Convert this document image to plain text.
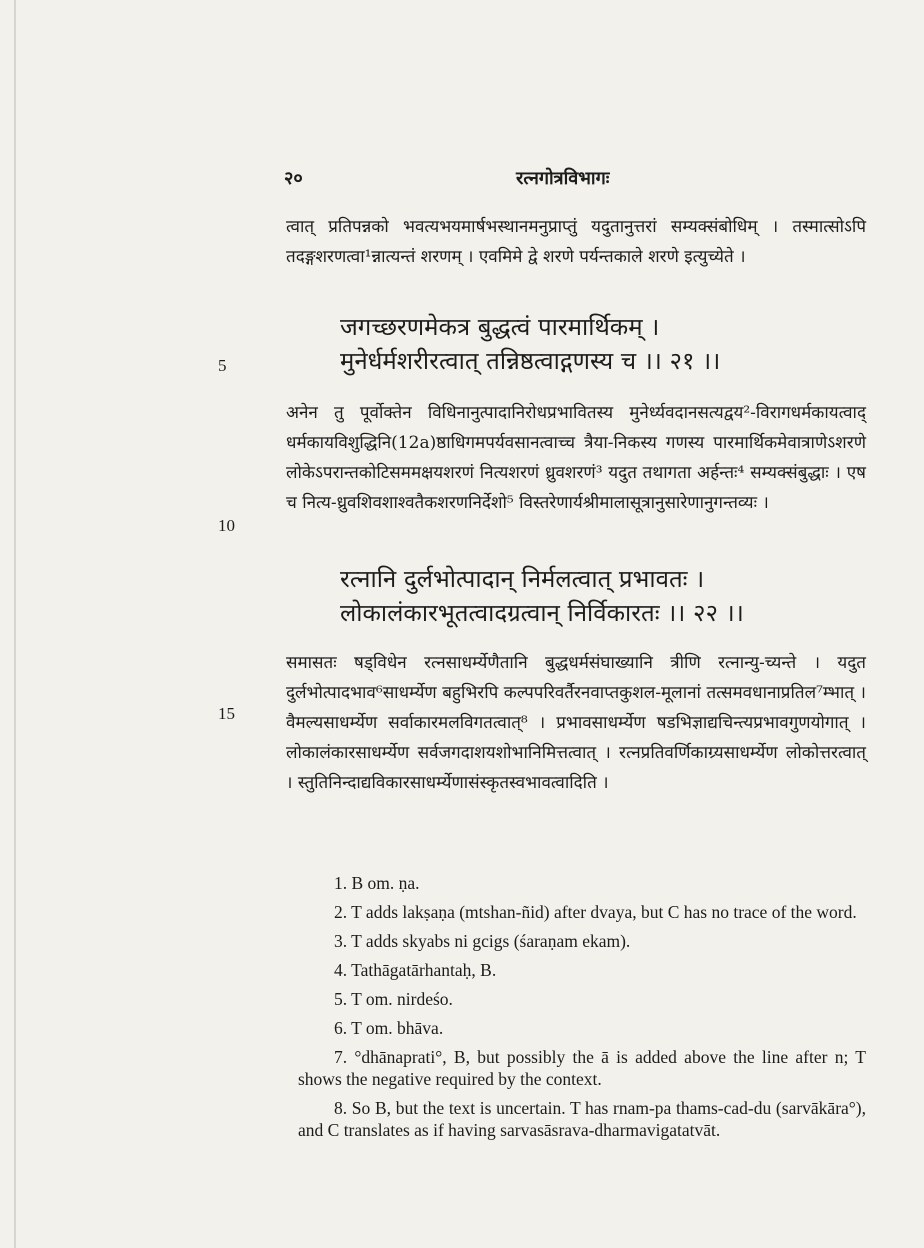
२०	रत्नगोत्रविभागः

त्वात् प्रतिपन्नको भवत्यभयमार्षभस्थानमनुप्राप्तुं यदुतानुत्तरां सम्यक्संबोधिम् । तस्मात्सोऽपि तदङ्गशरणत्वा¹न्नात्यन्तं शरणम् । एवमिमे द्वे शरणे पर्यन्तकाले शरणे इत्युच्येते ।

जगच्छरणमेकत्र बुद्धत्वं पारमार्थिकम् ।
मुनेर्धर्मशरीरत्वात् तन्निष्ठत्वाद्गणस्य च ।। २१ ।।
5

अनेन तु पूर्वोक्तेन विधिनानुत्पादानिरोधप्रभावितस्य मुनेर्ध्यवदानसत्यद्वय²-विरागधर्मकायत्वाद् धर्मकायविशुद्धिनि(12a)ष्ठाधिगमपर्यवसानत्वाच्च त्रैया-निकस्य गणस्य पारमार्थिकमेवात्राणेऽशरणे लोकेऽपरान्तकोटिसममक्षयशरणं नित्यशरणं ध्रुवशरणं³ यदुत तथागता अर्हन्तः⁴ सम्यक्संबुद्धाः । एष च नित्य-ध्रुवशिवशाश्वतैकशरणनिर्देशो⁵ विस्तरेणार्यश्रीमालासूत्रानुसारेणानुगन्तव्यः ।

10
रत्नानि दुर्लभोत्पादान् निर्मलत्वात् प्रभावतः ।
लोकालंकारभूतत्वादग्रत्वान् निर्विकारतः ।। २२ ।।

समासतः षड्विधेन रत्नसाधर्म्येणैतानि बुद्धधर्मसंघाख्यानि त्रीणि रत्नान्यु-च्यन्ते । यदुत दुर्लभोत्पादभाव⁶साधर्म्येण बहुभिरपि कल्पपरिवर्तैरनवाप्तकुशल-मूलानां तत्समवधानाप्रतिल⁷म्भात् । वैमल्यसाधर्म्येण सर्वाकारमलविगतत्वात्⁸ । प्रभावसाधर्म्येण षडभिज्ञाद्यचिन्त्यप्रभावगुणयोगात् । लोकालंकारसाधर्म्येण सर्वजगदाशयशोभानिमित्तत्वात् । रत्नप्रतिवर्णिकाग्र्यसाधर्म्येण लोकोत्तरत्वात् । स्तुतिनिन्दाद्यविकारसाधर्म्येणासंस्कृतस्वभावत्वादिति ।

15

1. B om. ṇa.

2. T adds lakṣaṇa (mtshan-ñid) after dvaya, but C has no trace of the word.

3. T adds skyabs ni gcigs (śaraṇam ekam).

4. Tathāgatārhantaḥ, B.

5. T om. nirdeśo.

6. T om. bhāva.

7. °dhānaprati°, B, but possibly the ā is added above the line after n; T shows the negative required by the context.

8. So B, but the text is uncertain. T has rnam-pa thams-cad-du (sarvākāra°), and C translates as if having sarvasāsrava-dharmavigatatvāt.
